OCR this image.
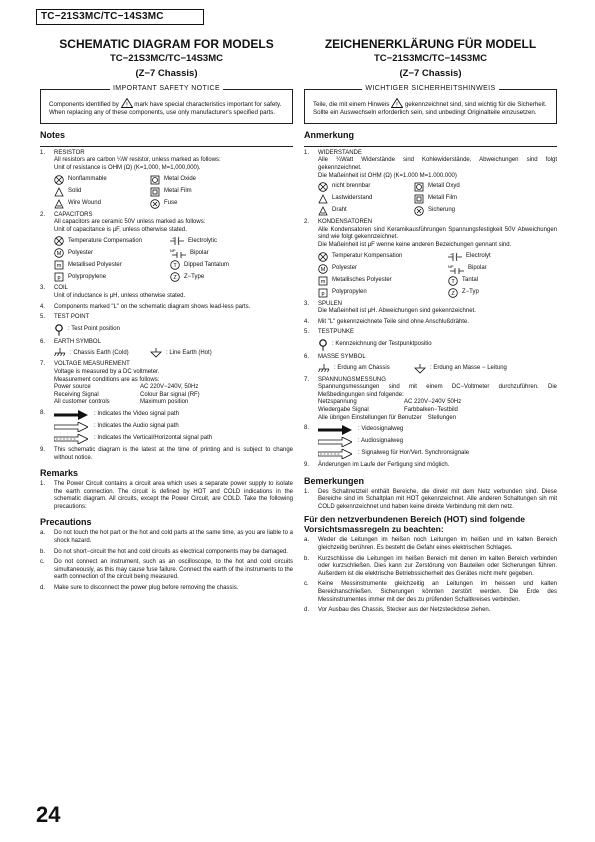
TC−21S3MC/TC−14S3MC
SCHEMATIC DIAGRAM FOR MODELS
TC−21S3MC/TC−14S3MC
(Z−7 Chassis)
IMPORTANT SAFETY NOTICE
Components identified by ! mark have special characteristics important for safety. When replacing any of these components, use only manufacturer's specified parts.
Notes
1.	RESISTOR
All resistors are carbon ¼W resistor, unless marked as follows:
Unit of resistance is OHM (Ω) (K=1,000, M=1,000,000).
Nonflammable	Metal Oxide
Solid	Metal Film
Wire Wound	Fuse
2.	CAPACITORS
All capacitors are ceramic 50V unless marked as follows:
Unit of capacitance is μF, unless otherwise stated.
Temperature Compensation	+ Electrolytic
M Polyester	NP Bipolar
m Metallised Polyester	T Dipped Tantalum
p Polypropylene	Z Z−Type
3.	COIL
Unit of inductance is μH, unless otherwise stated.
4.	Components marked "L" on the schematic diagram shows lead-less parts.
5.	TEST POINT
: Test Point position
6.	EARTH SYMBOL
: Chassis Earth (Cold)	: Line Earth (Hot)
7.	VOLTAGE MEASUREMENT
Voltage is measured by a DC voltmeter.
Measurement conditions are as follows:
Power source	AC 220V−240V, 50Hz
Receiving Signal	Colour Bar signal (RF)
All customer controls	Maximum position
8.	: Indicates the Video signal path
: Indicates the Audio signal path
: Indicates the Vertical/Horizontal signal path
9.	This schematic diagram is the latest at the time of printing and is subject to change without notice.
Remarks
1.	The Power Circuit contains a circuit area which uses a separate power supply to isolate the earth connection. The circuit is defined by HOT and COLD indications in the schematic diagram. All circuits, except the Power Circuit, are COLD. Take the following precautions:
Precautions
a.	Do not touch the hot part or the hot and cold parts at the same time, as you are liable to a shock hazard.
b.	Do not short−circuit the hot and cold circuits as electrical components may be damaged.
c.	Do not connect an instrument, such as an oscilloscope, to the hot and cold circuits simultaneously, as this may cause fuse failure. Connect the earth of the instruments to the earth connection of the circuit being measured.
d.	Make sure to disconnect the power plug before removing the chassis.
ZEICHENERKLÄRUNG FÜR MODELL
TC−21S3MC/TC−14S3MC
(Z−7 Chassis)
WICHTIGER SICHERHEITSHINWEIS
Teile, die mit einem Hinweis ! gekennzeichnet sind, sind wichtig für die Sicherheit. Sollte ein Auswechseln erforderlich sein, sind unbedingt Originalteile einzusetzen.
Anmerkung
1.	WIDERSTANDE
Alle ¼Watt Widerstände sind Kohlewiderstände, Abweichungen sind folgt gekennzeichnet.
Die Maßeinheit ist OHM (Ω) (K=1.000 M=1.000.000)
nicht brennbar	Metall Oxyd
Lastwiderstand	Metall Film
Draht	Sicherung
2.	KONDENSATOREN
Alle Kondensatoren sind Keramikausführungen Spannungsfestigkeit 50V Abweichungen sind wie folgt gekennzeichnet.
Die Maßeinheit ist μF wenne keine anderen Bezeichungen gennant sind.
Temperatur Kompensation	+ Electrolyt
M Polyester	NP Bipolar
m Metallisches Polyester	T Tantal
p Polypropylen	Z Z−Typ
3.	SPULEN
Die Maßeinheit ist μH. Abweichungen sind gekennzeichnet.
4.	Mit "L" gekennzeichnete Teile sind ohne Anschlußdrähte.
5.	TESTPUNKE
: Kennzeichnung der Testpunktpositio
6.	MASSE SYMBOL
: Erdung am Chassis	: Erdung an Masse − Leitung
7.	SPANNUNGSMESSUNG
Spannungsmessungen sind mit einem DC−Voltmeter durchzuführen. Die Meßbedingungen sind folgende:
Netzspannung	AC 220V−240V 50Hz
Wiedergabe Signal	Farbbalken−Testbild
Alle übrigen Einstellungen für Benutzer Stellungen
8.	: Videosignalweg
: Audiosignalweg
: Signalweg für Hor/Vert. Synchronsignale
9.	Änderungen im Laufe der Fertigung sind möglich.
Bemerkungen
1.	Des Schaltnetzteil enthält Bereiche, die direkt mit dem Netz verbunden sind. Diese Bereiche sind im Schaltplan mit HOT gekennzeichnet. Alle anderen Schaltungen sih mit COLD gekennzeichnet und haben keine direkte Verbindung mit dem netz.
Für den netzverbundenen Bereich (HOT) sind folgende Vorsichtsmassregeln zu beachten:
a.	Weder die Leitungen im heißen noch Leitungen im heißen und im kalten Bereich gleichzeitig berühren. Es besteht die Gefahr eines elektrischen Schlages.
b.	Kurzschlüsse die Leitungen im heißen Bereich mit denen im kalten Bereich verbinden oder kurzschließen. Dies kann zur Zerstörung von Bauteilen oder Sicherungen führen. Außerdem ist die elektrische Betriebssicherheit des Gerätes nicht mehr gegeben.
c.	Keine Messinstrumente gleichzeitig an Leitungen im heissen und kalten Bereichanschließen. Sicherungen könnten zerstört werden. Die Erde des Messinstrumentes immer mit der des zu prüfenden Schaltkreises verbinden.
d.	Vor Ausbau des Chassis, Stecker aus der Netzsteckdose ziehen.
24
